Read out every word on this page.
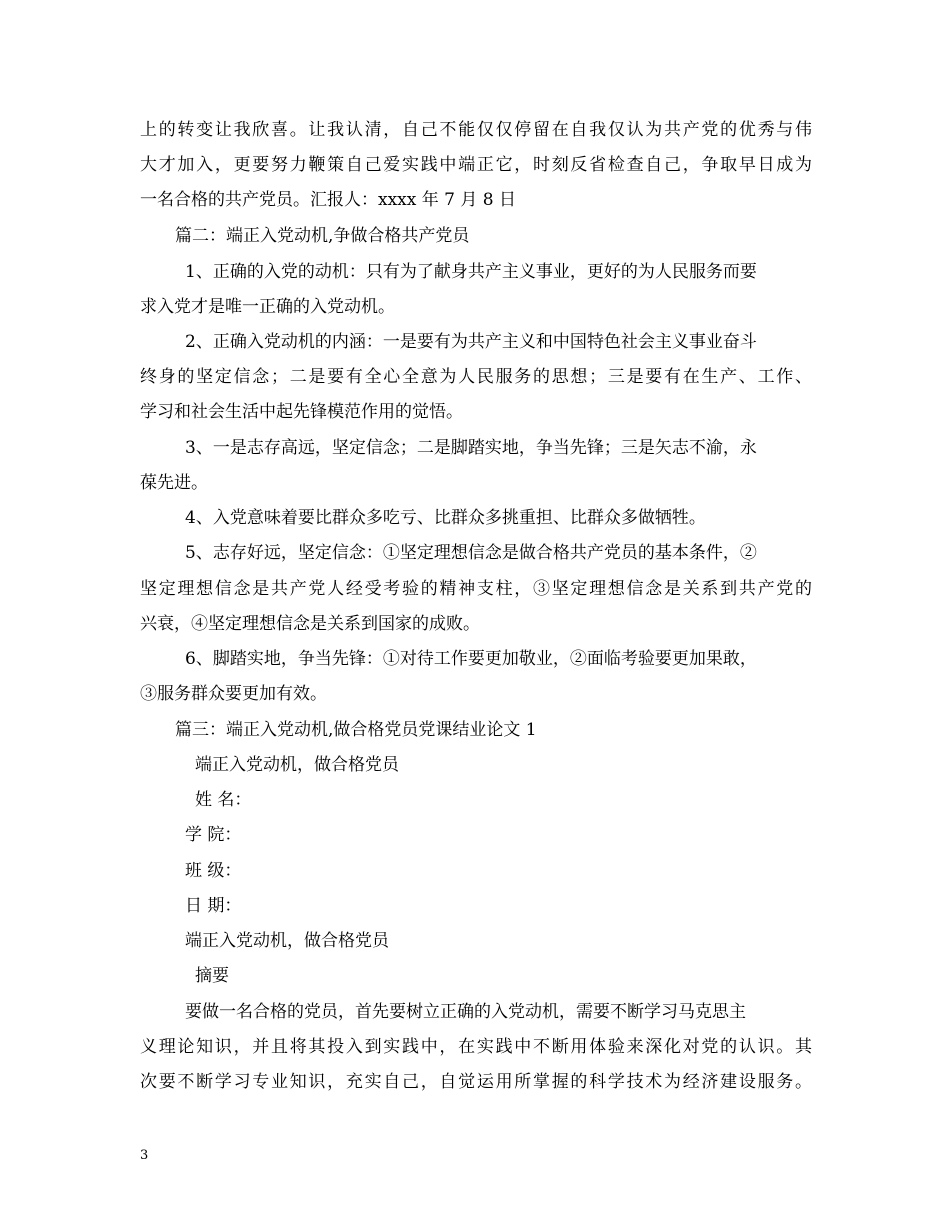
上的转变让我欣喜。让我认清，自己不能仅仅停留在自我仅认为共产党的优秀与伟
大才加入，更要努力鞭策自己爱实践中端正它，时刻反省检查自己，争取早日成为
一名合格的共产党员。汇报人：xxxx 年 7 月 8 日
篇二：端正入党动机,争做合格共产党员
1、正确的入党的动机：只有为了献身共产主义事业，更好的为人民服务而要
求入党才是唯一正确的入党动机。
2、正确入党动机的内涵：一是要有为共产主义和中国特色社会主义事业奋斗
终身的坚定信念；二是要有全心全意为人民服务的思想；三是要有在生产、工作、
学习和社会生活中起先锋模范作用的觉悟。
3、一是志存高远，坚定信念；二是脚踏实地，争当先锋；三是矢志不渝，永
葆先进。
4、入党意味着要比群众多吃亏、比群众多挑重担、比群众多做牺牲。
5、志存好远，坚定信念：①坚定理想信念是做合格共产党员的基本条件，②
坚定理想信念是共产党人经受考验的精神支柱，③坚定理想信念是关系到共产党的
兴衰，④坚定理想信念是关系到国家的成败。
6、脚踏实地，争当先锋：①对待工作要更加敬业，②面临考验要更加果敢，
③服务群众要更加有效。
篇三：端正入党动机,做合格党员党课结业论文 1
端正入党动机，做合格党员
姓 名：
学 院：
班 级：
日 期：
端正入党动机，做合格党员
摘要
要做一名合格的党员，首先要树立正确的入党动机，需要不断学习马克思主
义理论知识，并且将其投入到实践中，在实践中不断用体验来深化对党的认识。其
次要不断学习专业知识，充实自己，自觉运用所掌握的科学技术为经济建设服务。
3
